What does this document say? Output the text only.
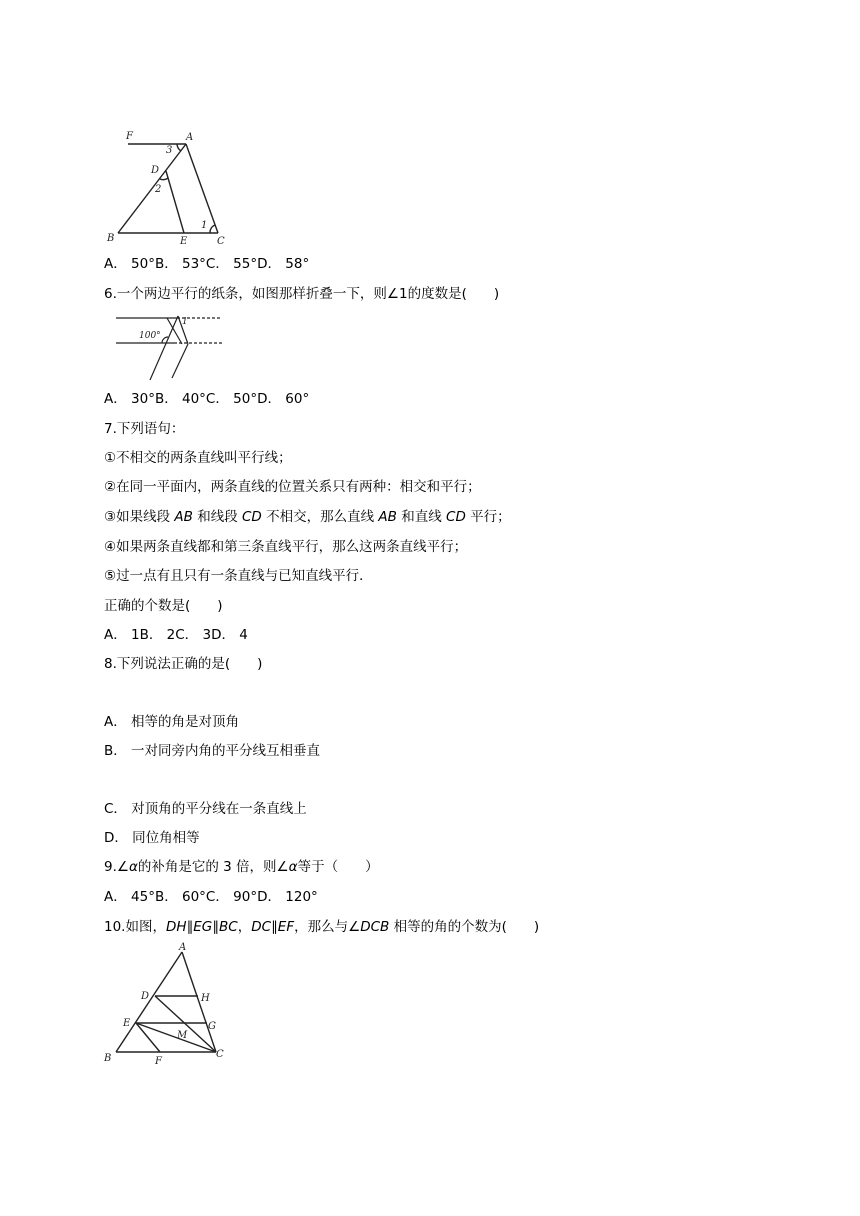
F	A
3
D
2
1
B	E	C
A． 50°B． 53°C． 55°D． 58°
6.一个两边平行的纸条，如图那样折叠一下，则∠1的度数是(　　)
100°
1
A． 30°B． 40°C． 50°D． 60°
7.下列语句：
①不相交的两条直线叫平行线；
②在同一平面内，两条直线的位置关系只有两种：相交和平行；
③如果线段 AB 和线段 CD 不相交，那么直线 AB 和直线 CD 平行；
④如果两条直线都和第三条直线平行，那么这两条直线平行；
⑤过一点有且只有一条直线与已知直线平行．
正确的个数是(　　)
A． 1B． 2C． 3D． 4
8.下列说法正确的是(　　)
A． 相等的角是对顶角
B． 一对同旁内角的平分线互相垂直
C． 对顶角的平分线在一条直线上
D． 同位角相等
9.∠α的补角是它的 3 倍，则∠α等于（　　）
A． 45°B． 60°C． 90°D． 120°
10.如图，DH∥EG∥BC，DC∥EF，那么与∠DCB 相等的角的个数为(　　)
A
D	H
E	G
M
B	F
C
